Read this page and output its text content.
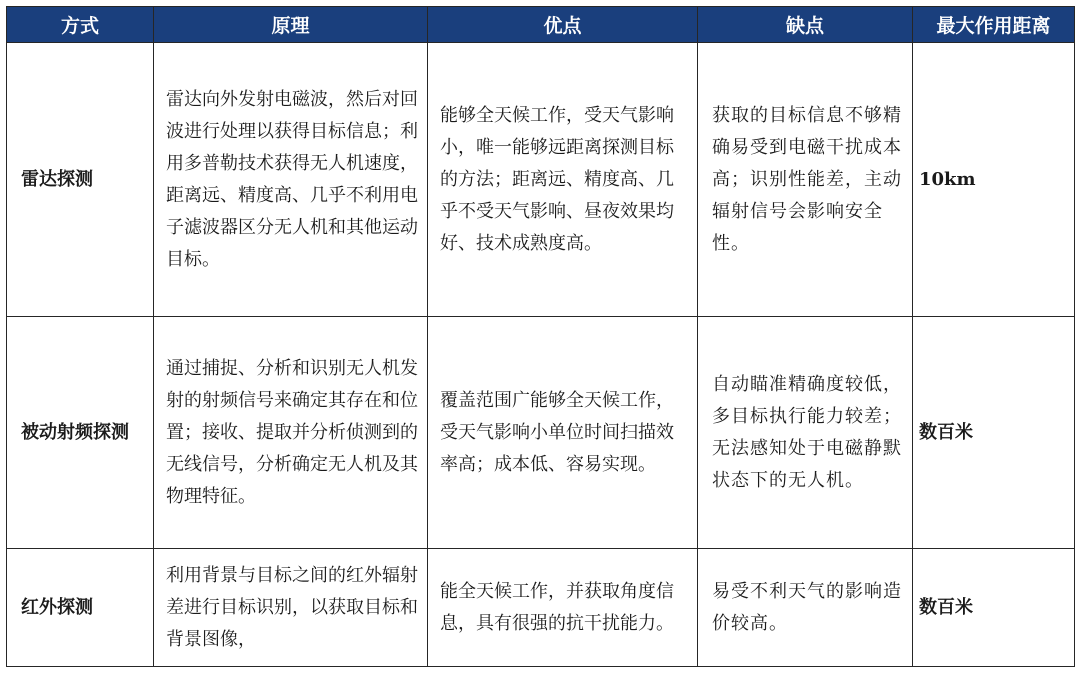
方式	原理	优点	缺点	最大作用距离
雷达探测	雷达向外发射电磁波，然后对回波进行处理以获得目标信息；利用多普勒技术获得无人机速度，距离远、精度高、几乎不利用电子滤波器区分无人机和其他运动目标。	能够全天候工作，受天气影响小，唯一能够远距离探测目标的方法；距离远、精度高、几乎不受天气影响、昼夜效果均好、技术成熟度高。	获取的目标信息不够精确易受到电磁干扰成本高；识别性能差，主动辐射信号会影响安全性。	10km
被动射频探测	通过捕捉、分析和识别无人机发射的射频信号来确定其存在和位置；接收、提取并分析侦测到的无线信号，分析确定无人机及其物理特征。	覆盖范围广能够全天候工作，受天气影响小单位时间扫描效率高；成本低、容易实现。	自动瞄准精确度较低，多目标执行能力较差；无法感知处于电磁静默状态下的无人机。	数百米
红外探测	利用背景与目标之间的红外辐射差进行目标识别，以获取目标和背景图像，	能全天候工作，并获取角度信息，具有很强的抗干扰能力。	易受不利天气的影响造价较高。	数百米
